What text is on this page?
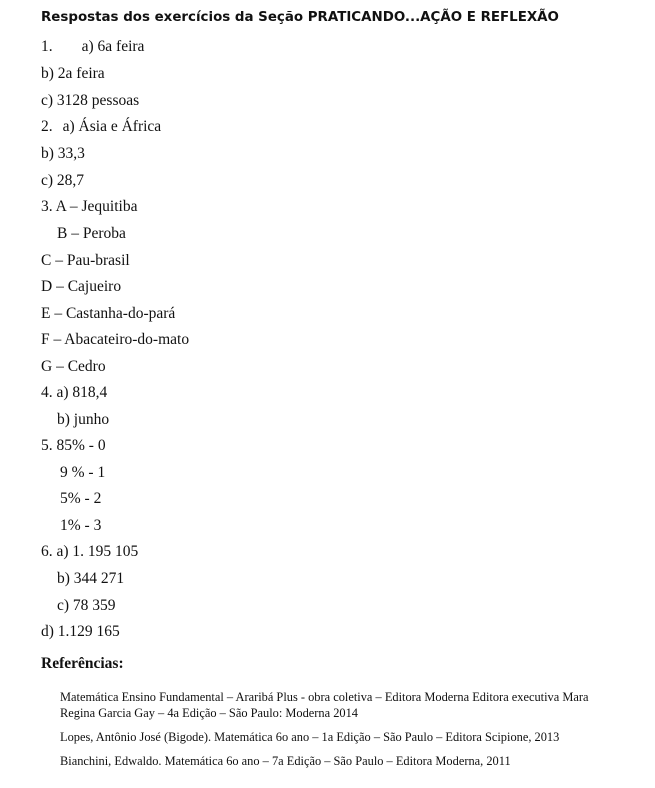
Respostas dos exercícios da Seção PRATICANDO...AÇÃO E REFLEXÃO
1. a) 6a feira
b) 2a feira
c) 3128 pessoas
2. a) Ásia e África
b) 33,3
c) 28,7
3. A – Jequitiba
B – Peroba
C – Pau-brasil
D – Cajueiro
E – Castanha-do-pará
F – Abacateiro-do-mato
G – Cedro
4. a) 818,4
b) junho
5. 85% - 0
9 % - 1
5% - 2
1% - 3
6. a) 1. 195 105
b) 344 271
c) 78 359
d) 1.129 165
Referências:
Matemática Ensino Fundamental – Araribá Plus - obra coletiva – Editora Moderna Editora executiva Mara Regina Garcia Gay – 4a Edição – São Paulo: Moderna 2014
Lopes, Antônio José (Bigode). Matemática 6o ano – 1a Edição – São Paulo – Editora Scipione, 2013
Bianchini, Edwaldo. Matemática 6o ano – 7a Edição – São Paulo – Editora Moderna, 2011
